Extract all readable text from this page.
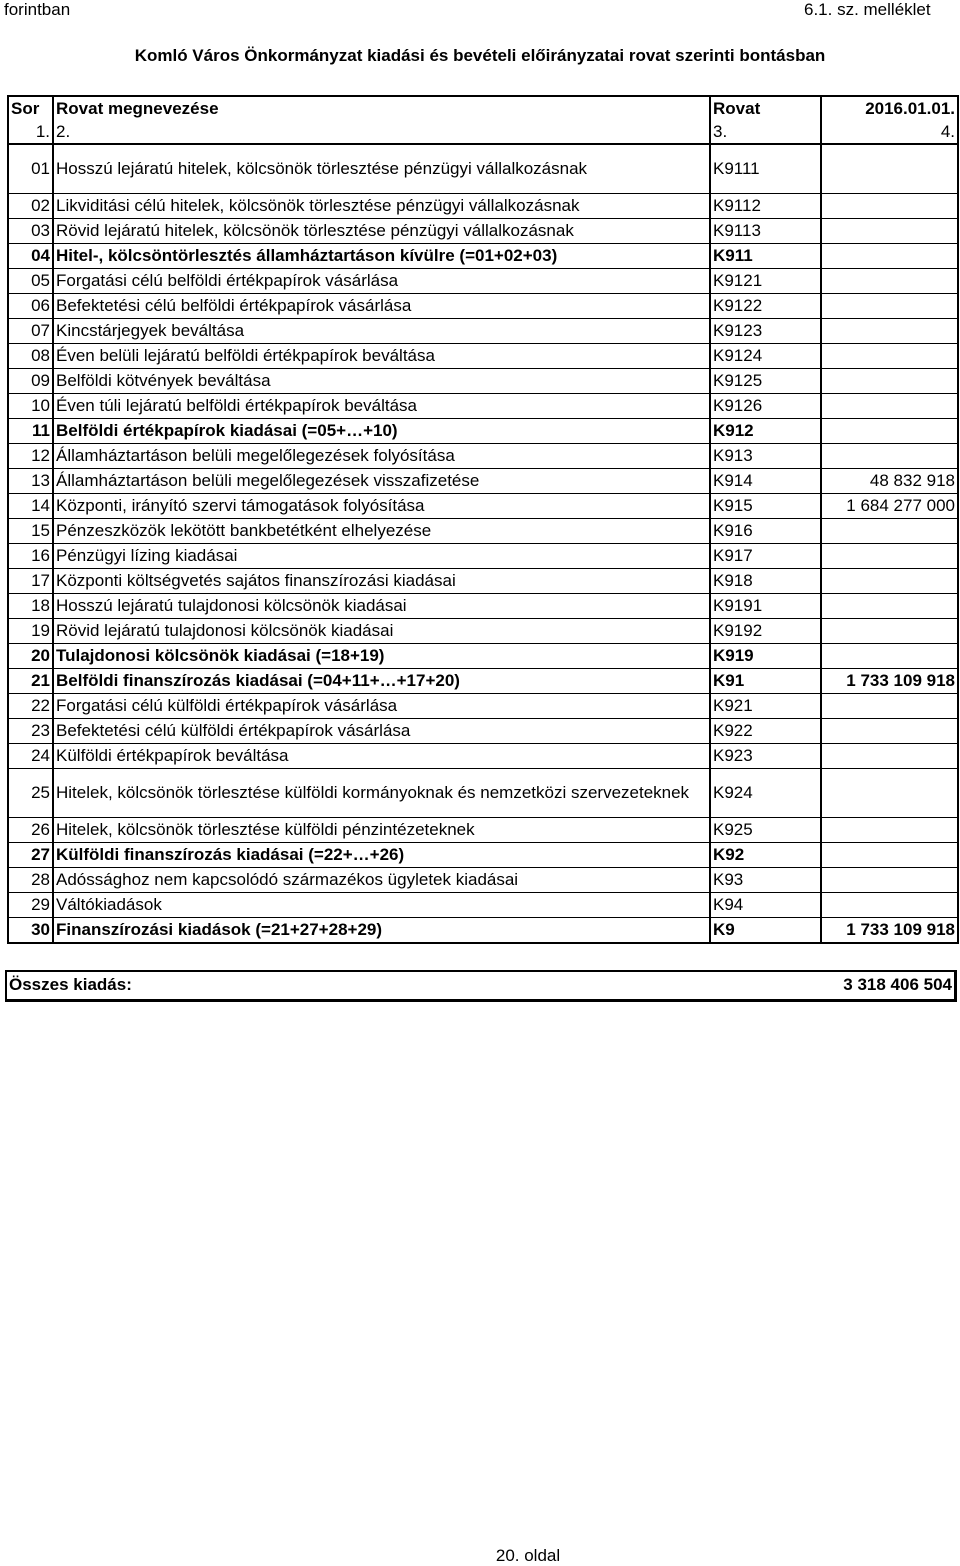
forintban	6.1. sz. melléklet
Komló Város Önkormányzat kiadási és bevételi előirányzatai rovat szerinti bontásban
Sor	Rovat megnevezése	Rovat	2016.01.01.
1.	2.	3.	4.
01	Hosszú lejáratú hitelek, kölcsönök törlesztése pénzügyi vállalkozásnak	K9111	
02	Likviditási célú hitelek, kölcsönök törlesztése pénzügyi vállalkozásnak	K9112	
03	Rövid lejáratú hitelek, kölcsönök törlesztése pénzügyi vállalkozásnak	K9113	
04	Hitel-, kölcsöntörlesztés államháztartáson kívülre (=01+02+03)	K911	
05	Forgatási célú belföldi értékpapírok vásárlása	K9121	
06	Befektetési célú belföldi értékpapírok vásárlása	K9122	
07	Kincstárjegyek beváltása	K9123	
08	Éven belüli lejáratú belföldi értékpapírok beváltása	K9124	
09	Belföldi kötvények beváltása	K9125	
10	Éven túli lejáratú belföldi értékpapírok beváltása	K9126	
11	Belföldi értékpapírok kiadásai (=05+…+10)	K912	
12	Államháztartáson belüli megelőlegezések folyósítása	K913	
13	Államháztartáson belüli megelőlegezések visszafizetése	K914	48 832 918
14	Központi, irányító szervi támogatások folyósítása	K915	1 684 277 000
15	Pénzeszközök lekötött bankbetétként elhelyezése	K916	
16	Pénzügyi lízing kiadásai	K917	
17	Központi költségvetés sajátos finanszírozási kiadásai	K918	
18	Hosszú lejáratú tulajdonosi kölcsönök kiadásai	K9191	
19	Rövid lejáratú tulajdonosi kölcsönök kiadásai	K9192	
20	Tulajdonosi kölcsönök kiadásai (=18+19)	K919	
21	Belföldi finanszírozás kiadásai (=04+11+…+17+20)	K91	1 733 109 918
22	Forgatási célú külföldi értékpapírok vásárlása	K921	
23	Befektetési célú külföldi értékpapírok vásárlása	K922	
24	Külföldi értékpapírok beváltása	K923	
25	Hitelek, kölcsönök törlesztése külföldi kormányoknak és nemzetközi szervezeteknek	K924	
26	Hitelek, kölcsönök törlesztése külföldi pénzintézeteknek	K925	
27	Külföldi finanszírozás kiadásai (=22+…+26)	K92	
28	Adóssághoz nem kapcsolódó származékos ügyletek kiadásai	K93	
29	Váltókiadások	K94	
30	Finanszírozási kiadások (=21+27+28+29)	K9	1 733 109 918
Összes kiadás:	3 318 406 504
20. oldal
